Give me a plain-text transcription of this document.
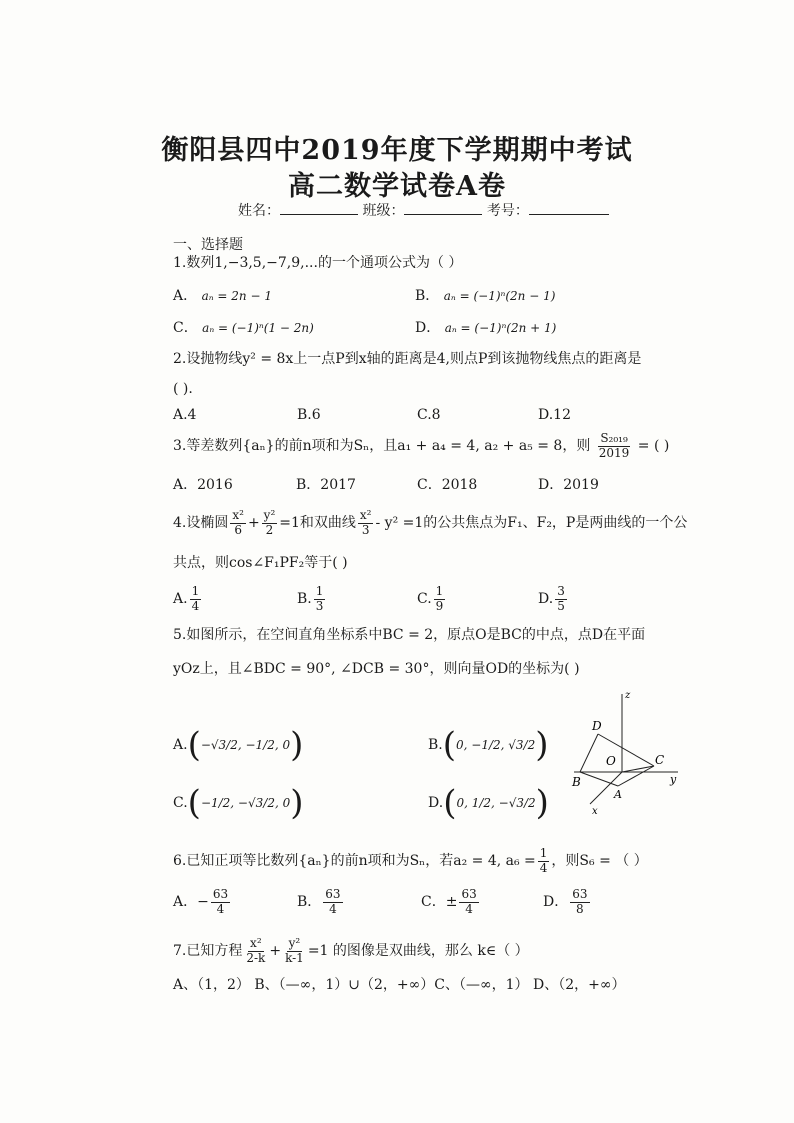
衡阳县四中2019年度下学期期中考试
高二数学试卷A卷
姓名：	班级：	考号：
一、选择题
1.数列1,−3,5,−7,9,...的一个通项公式为（ ）
A． aₙ = 2n − 1	B． aₙ = (−1)ⁿ(2n − 1)
C． aₙ = (−1)ⁿ(1 − 2n)	D． aₙ = (−1)ⁿ(2n + 1)
2.设抛物线y² = 8x上一点P到x轴的距离是4,则点P到该抛物线焦点的距离是
( ).
A.4	B.6	C.8	D.12
3.等差数列{aₙ}的前n项和为Sₙ，且a₁ + a₄ = 4, a₂ + a₅ = 8，则 $\frac{\text{S₂₀₁₉}}{2019}$ = ( )
A．2016	B．2017	C．2018	D．2019
4.设椭圆 $\frac{\text{x²}}{6} + \frac{\text{y²}}{2} =1$和双曲线 $\frac{\text{x²}}{3} - y^2 =1$的公共焦点为F₁、F₂，P是两曲线的一个公
共点，则cos∠F₁PF₂等于( )
A. $\frac{1}{4}$	B. $\frac{1}{3}$	C. $\frac{1}{9}$	D. $\frac{3}{5}$
5.如图所示，在空间直角坐标系中BC = 2，原点O是BC的中点，点D在平面
yOz上，且∠BDC = 90°, ∠DCB = 30°，则向量OD的坐标为( )
A.(−√3/2, −1/2, 0)	B.(0, −1/2, √3/2)
C.(−1/2, −√3/2, 0)	D.(0, 1/2, −√3/2)
z
y
x
D
O	C
B
A
6.已知正项等比数列{aₙ}的前n项和为Sₙ，若a₂ = 4, $a_6 = \frac{1}{4}$ ，则S₆ = （ ）
A．− $\frac{63}{4}$	B． $\frac{63}{4}$	C．± $\frac{63}{4}$	D． $\frac{63}{8}$
7.已知方程 $\frac{\text{x²}}{2-k} + \frac{\text{y²}}{k-1} =1$ 的图像是双曲线，那么 k∈（ ）
A、（1，2） B、（—∞，1）∪（2，+∞）C、（—∞，1） D、（2，+∞）
